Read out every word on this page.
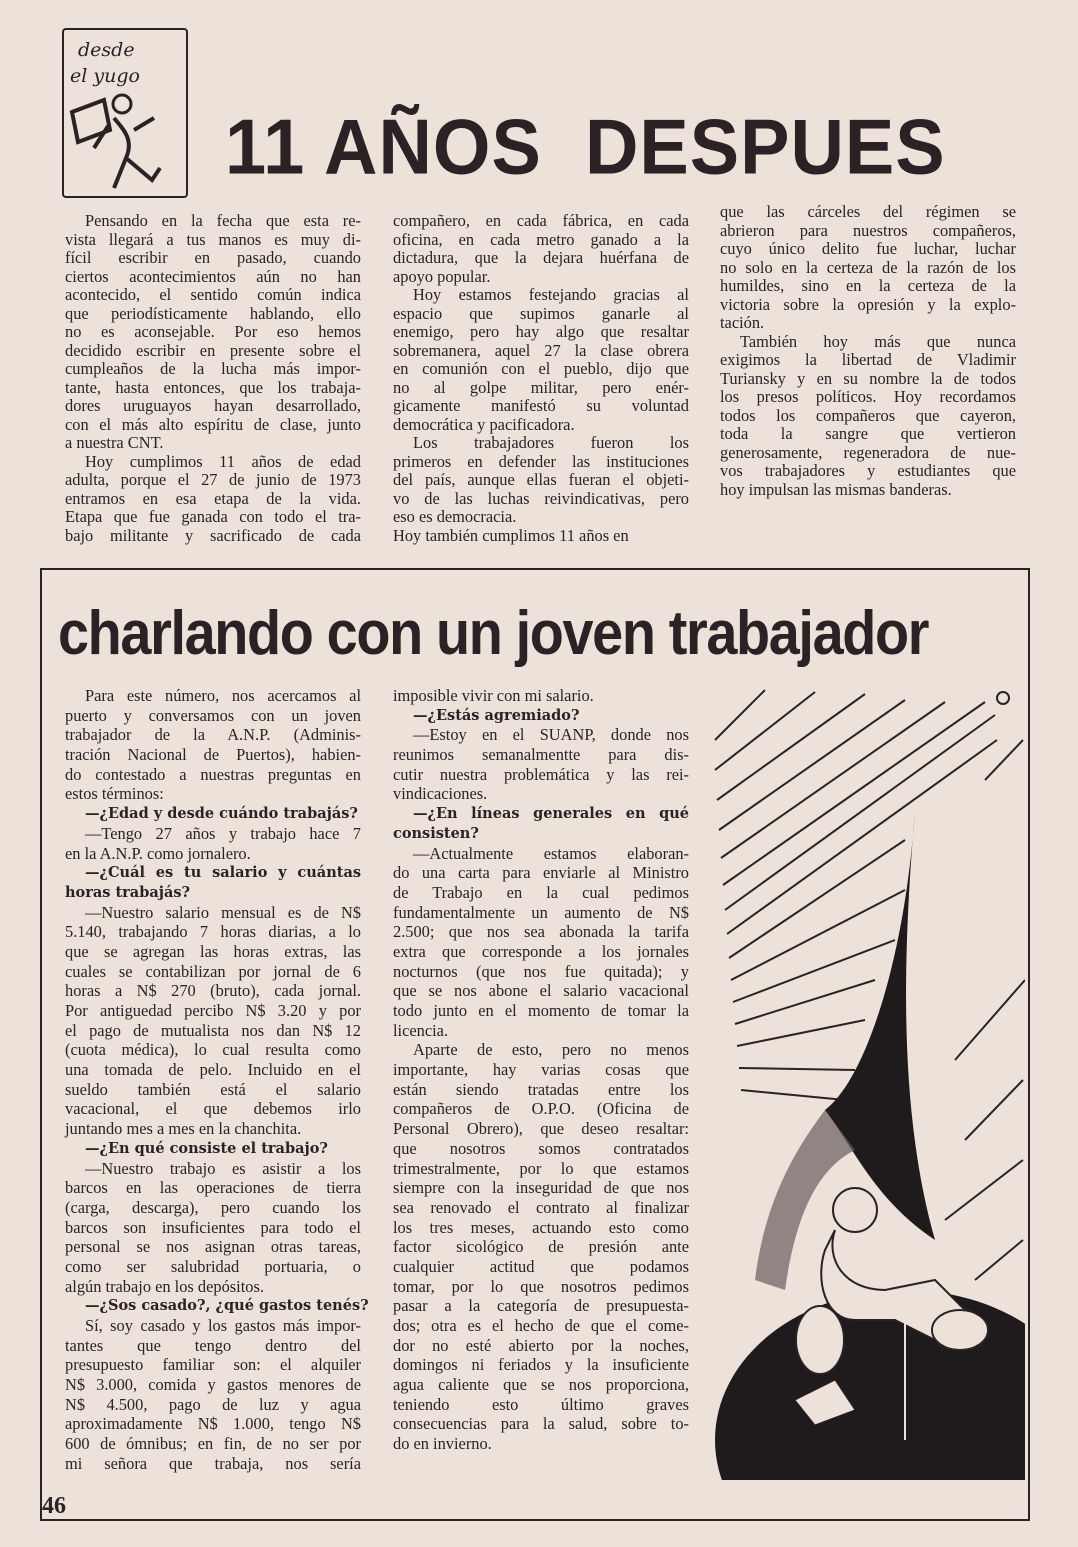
desde
el yugo
11 AÑOS  DESPUES
Pensando en la fecha que esta re-
vista llegará a tus manos es muy di-
fícil escribir en pasado, cuando
ciertos acontecimientos aún no han
acontecido, el sentido común indica
que periodísticamente hablando, ello
no es aconsejable. Por eso hemos
decidido escribir en presente sobre el
cumpleaños de la lucha más impor-
tante, hasta entonces, que los trabaja-
dores uruguayos hayan desarrollado,
con el más alto espíritu de clase, junto
a nuestra CNT.
Hoy cumplimos 11 años de edad
adulta, porque el 27 de junio de 1973
entramos en esa etapa de la vida.
Etapa que fue ganada con todo el tra-
bajo militante y sacrificado de cada
compañero, en cada fábrica, en cada
oficina, en cada metro ganado a la
dictadura, que la dejara huérfana de
apoyo popular.
Hoy estamos festejando gracias al
espacio que supimos ganarle al
enemigo, pero hay algo que resaltar
sobremanera, aquel 27 la clase obrera
en comunión con el pueblo, dijo que
no al golpe militar, pero enér-
gicamente manifestó su voluntad
democrática y pacificadora.
Los trabajadores fueron los
primeros en defender las instituciones
del país, aunque ellas fueran el objeti-
vo de las luchas reivindicativas, pero
eso es democracia.
Hoy también cumplimos 11 años en
que las cárceles del régimen se
abrieron para nuestros compañeros,
cuyo único delito fue luchar, luchar
no solo en la certeza de la razón de los
humildes, sino en la certeza de la
victoria sobre la opresión y la explo-
tación.
También hoy más que nunca
exigimos la libertad de Vladimir
Turiansky y en su nombre la de todos
los presos políticos. Hoy recordamos
todos los compañeros que cayeron,
toda la sangre que vertieron
generosamente, regeneradora de nue-
vos trabajadores y estudiantes que
hoy impulsan las mismas banderas.
charlando con un joven trabajador
Para este número, nos acercamos al
puerto y conversamos con un joven
trabajador de la A.N.P. (Adminis-
tración Nacional de Puertos), habien-
do contestado a nuestras preguntas en
estos términos:
—¿Edad y desde cuándo trabajás?
—Tengo 27 años y trabajo hace 7
en la A.N.P. como jornalero.
—¿Cuál es tu salario y cuántas
horas trabajás?
—Nuestro salario mensual es de N$
5.140, trabajando 7 horas diarias, a lo
que se agregan las horas extras, las
cuales se contabilizan por jornal de 6
horas a N$ 270 (bruto), cada jornal.
Por antiguedad percibo N$ 3.20 y por
el pago de mutualista nos dan N$ 12
(cuota médica), lo cual resulta como
una tomada de pelo. Incluido en el
sueldo también está el salario
vacacional, el que debemos irlo
juntando mes a mes en la chanchita.
—¿En qué consiste el trabajo?
—Nuestro trabajo es asistir a los
barcos en las operaciones de tierra
(carga, descarga), pero cuando los
barcos son insuficientes para todo el
personal se nos asignan otras tareas,
como ser salubridad portuaria, o
algún trabajo en los depósitos.
—¿Sos casado?, ¿qué gastos tenés?
Sí, soy casado y los gastos más impor-
tantes que tengo dentro del
presupuesto familiar son: el alquiler
N$ 3.000, comida y gastos menores de
N$ 4.500, pago de luz y agua
aproximadamente N$ 1.000, tengo N$
600 de ómnibus; en fin, de no ser por
mi señora que trabaja, nos sería
imposible vivir con mi salario.
—¿Estás agremiado?
—Estoy en el SUANP, donde nos
reunimos semanalmentte para dis-
cutir nuestra problemática y las rei-
vindicaciones.
—¿En líneas generales en qué
consisten?
—Actualmente estamos elaboran-
do una carta para enviarle al Ministro
de Trabajo en la cual pedimos
fundamentalmente un aumento de N$
2.500; que nos sea abonada la tarifa
extra que corresponde a los jornales
nocturnos (que nos fue quitada); y
que se nos abone el salario vacacional
todo junto en el momento de tomar la
licencia.
Aparte de esto, pero no menos
importante, hay varias cosas que
están siendo tratadas entre los
compañeros de O.P.O. (Oficina de
Personal Obrero), que deseo resaltar:
que nosotros somos contratados
trimestralmente, por lo que estamos
siempre con la inseguridad de que nos
sea renovado el contrato al finalizar
los tres meses, actuando esto como
factor sicológico de presión ante
cualquier actitud que podamos
tomar, por lo que nosotros pedimos
pasar a la categoría de presupuesta-
dos; otra es el hecho de que el come-
dor no esté abierto por la noches,
domingos ni feriados y la insuficiente
agua caliente que se nos proporciona,
teniendo esto último graves
consecuencias para la salud, sobre to-
do en invierno.
46
